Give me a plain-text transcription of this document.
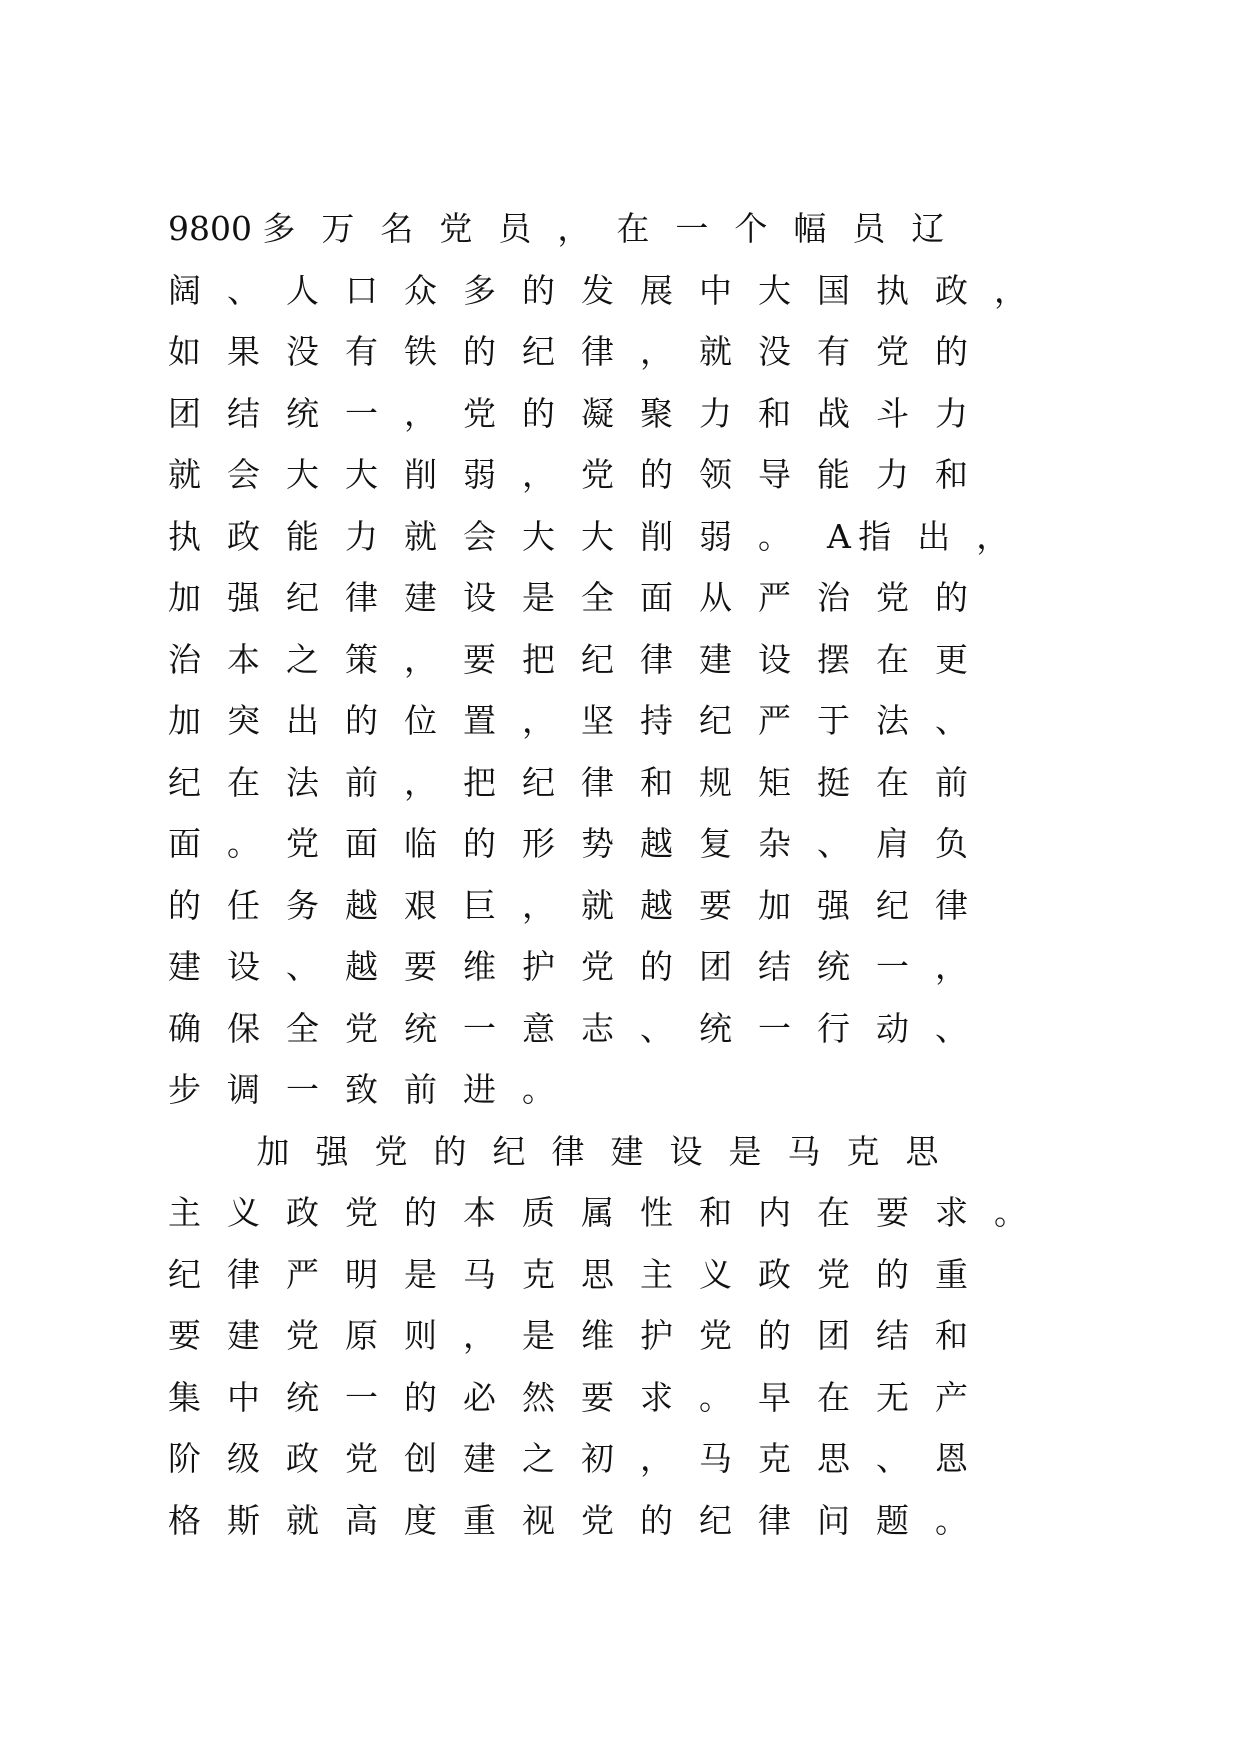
9800 多 万 名 党 员 ， 在 一 个 幅 员 辽
阔 、 人 口 众 多 的 发 展 中 大 国 执 政 ，
如 果 没 有 铁 的 纪 律 ， 就 没 有 党 的
团 结 统 一 ， 党 的 凝 聚 力 和 战 斗 力
就 会 大 大 削 弱 ， 党 的 领 导 能 力 和
执 政 能 力 就 会 大 大 削 弱 。 A 指 出 ，
加 强 纪 律 建 设 是 全 面 从 严 治 党 的
治 本 之 策 ， 要 把 纪 律 建 设 摆 在 更
加 突 出 的 位 置 ， 坚 持 纪 严 于 法 、
纪 在 法 前 ， 把 纪 律 和 规 矩 挺 在 前
面 。 党 面 临 的 形 势 越 复 杂 、 肩 负
的 任 务 越 艰 巨 ， 就 越 要 加 强 纪 律
建 设 、 越 要 维 护 党 的 团 结 统 一 ，
确 保 全 党 统 一 意 志 、 统 一 行 动 、
步 调 一 致 前 进 。
加 强 党 的 纪 律 建 设 是 马 克 思
主 义 政 党 的 本 质 属 性 和 内 在 要 求 。
纪 律 严 明 是 马 克 思 主 义 政 党 的 重
要 建 党 原 则 ， 是 维 护 党 的 团 结 和
集 中 统 一 的 必 然 要 求 。 早 在 无 产
阶 级 政 党 创 建 之 初 ， 马 克 思 、 恩
格 斯 就 高 度 重 视 党 的 纪 律 问 题 。
